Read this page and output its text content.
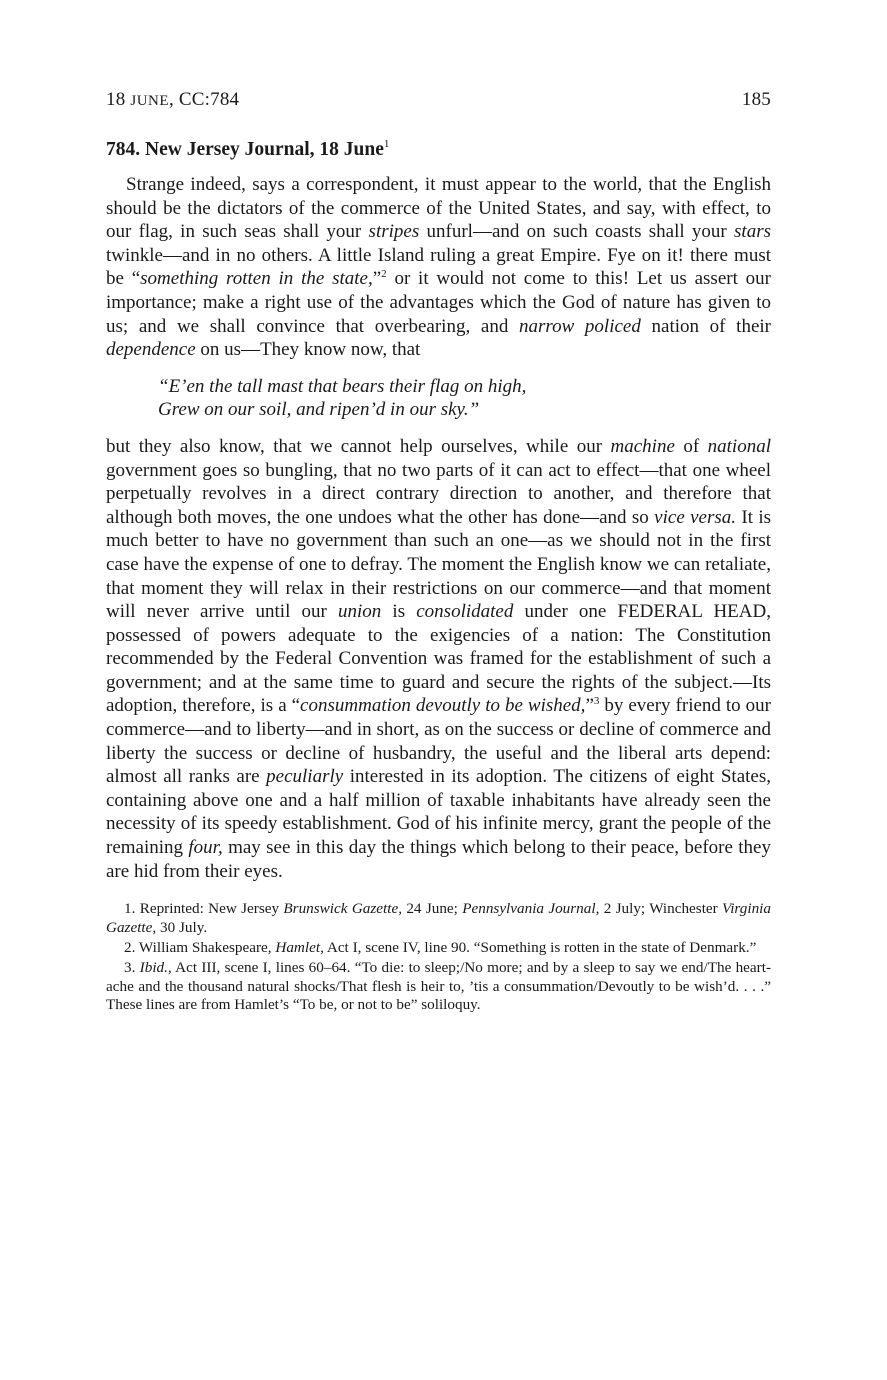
18 JUNE, CC:784	185
784. New Jersey Journal, 18 June$^1$

Strange indeed, says a correspondent, it must appear to the world, that the English should be the dictators of the commerce of the United States, and say, with effect, to our flag, in such seas shall your stripes unfurl—and on such coasts shall your stars twinkle—and in no others. A little Island ruling a great Empire. Fye on it! there must be “something rotten in the state,”$^2$ or it would not come to this! Let us assert our importance; make a right use of the advantages which the God of nature has given to us; and we shall convince that overbearing, and narrow policed nation of their dependence on us—They know now, that

“E’en the tall mast that bears their flag on high,
Grew on our soil, and ripen’d in our sky.”

but they also know, that we cannot help ourselves, while our machine of national government goes so bungling, that no two parts of it can act to effect—that one wheel perpetually revolves in a direct contrary direction to another, and therefore that although both moves, the one undoes what the other has done—and so vice versa. It is much better to have no government than such an one—as we should not in the first case have the expense of one to defray. The moment the English know we can retaliate, that moment they will relax in their restrictions on our commerce—and that moment will never arrive until our union is consolidated under one FEDERAL HEAD, possessed of powers adequate to the exigencies of a nation: The Constitution recommended by the Federal Convention was framed for the establishment of such a government; and at the same time to guard and secure the rights of the subject.—Its adoption, therefore, is a “consummation devoutly to be wished,”$^3$ by every friend to our commerce—and to liberty—and in short, as on the success or decline of commerce and liberty the success or decline of husbandry, the useful and the liberal arts depend: almost all ranks are peculiarly interested in its adoption. The citizens of eight States, containing above one and a half million of taxable inhabitants have already seen the necessity of its speedy establishment. God of his infinite mercy, grant the people of the remaining four, may see in this day the things which belong to their peace, before they are hid from their eyes.

1. Reprinted: New Jersey Brunswick Gazette, 24 June; Pennsylvania Journal, 2 July; Winchester Virginia Gazette, 30 July.

2. William Shakespeare, Hamlet, Act I, scene IV, line 90. “Something is rotten in the state of Denmark.”

3. Ibid., Act III, scene I, lines 60–64. “To die: to sleep;/No more; and by a sleep to say we end/The heart-ache and the thousand natural shocks/That flesh is heir to, ’tis a consummation/Devoutly to be wish’d. . . .” These lines are from Hamlet’s “To be, or not to be” soliloquy.
